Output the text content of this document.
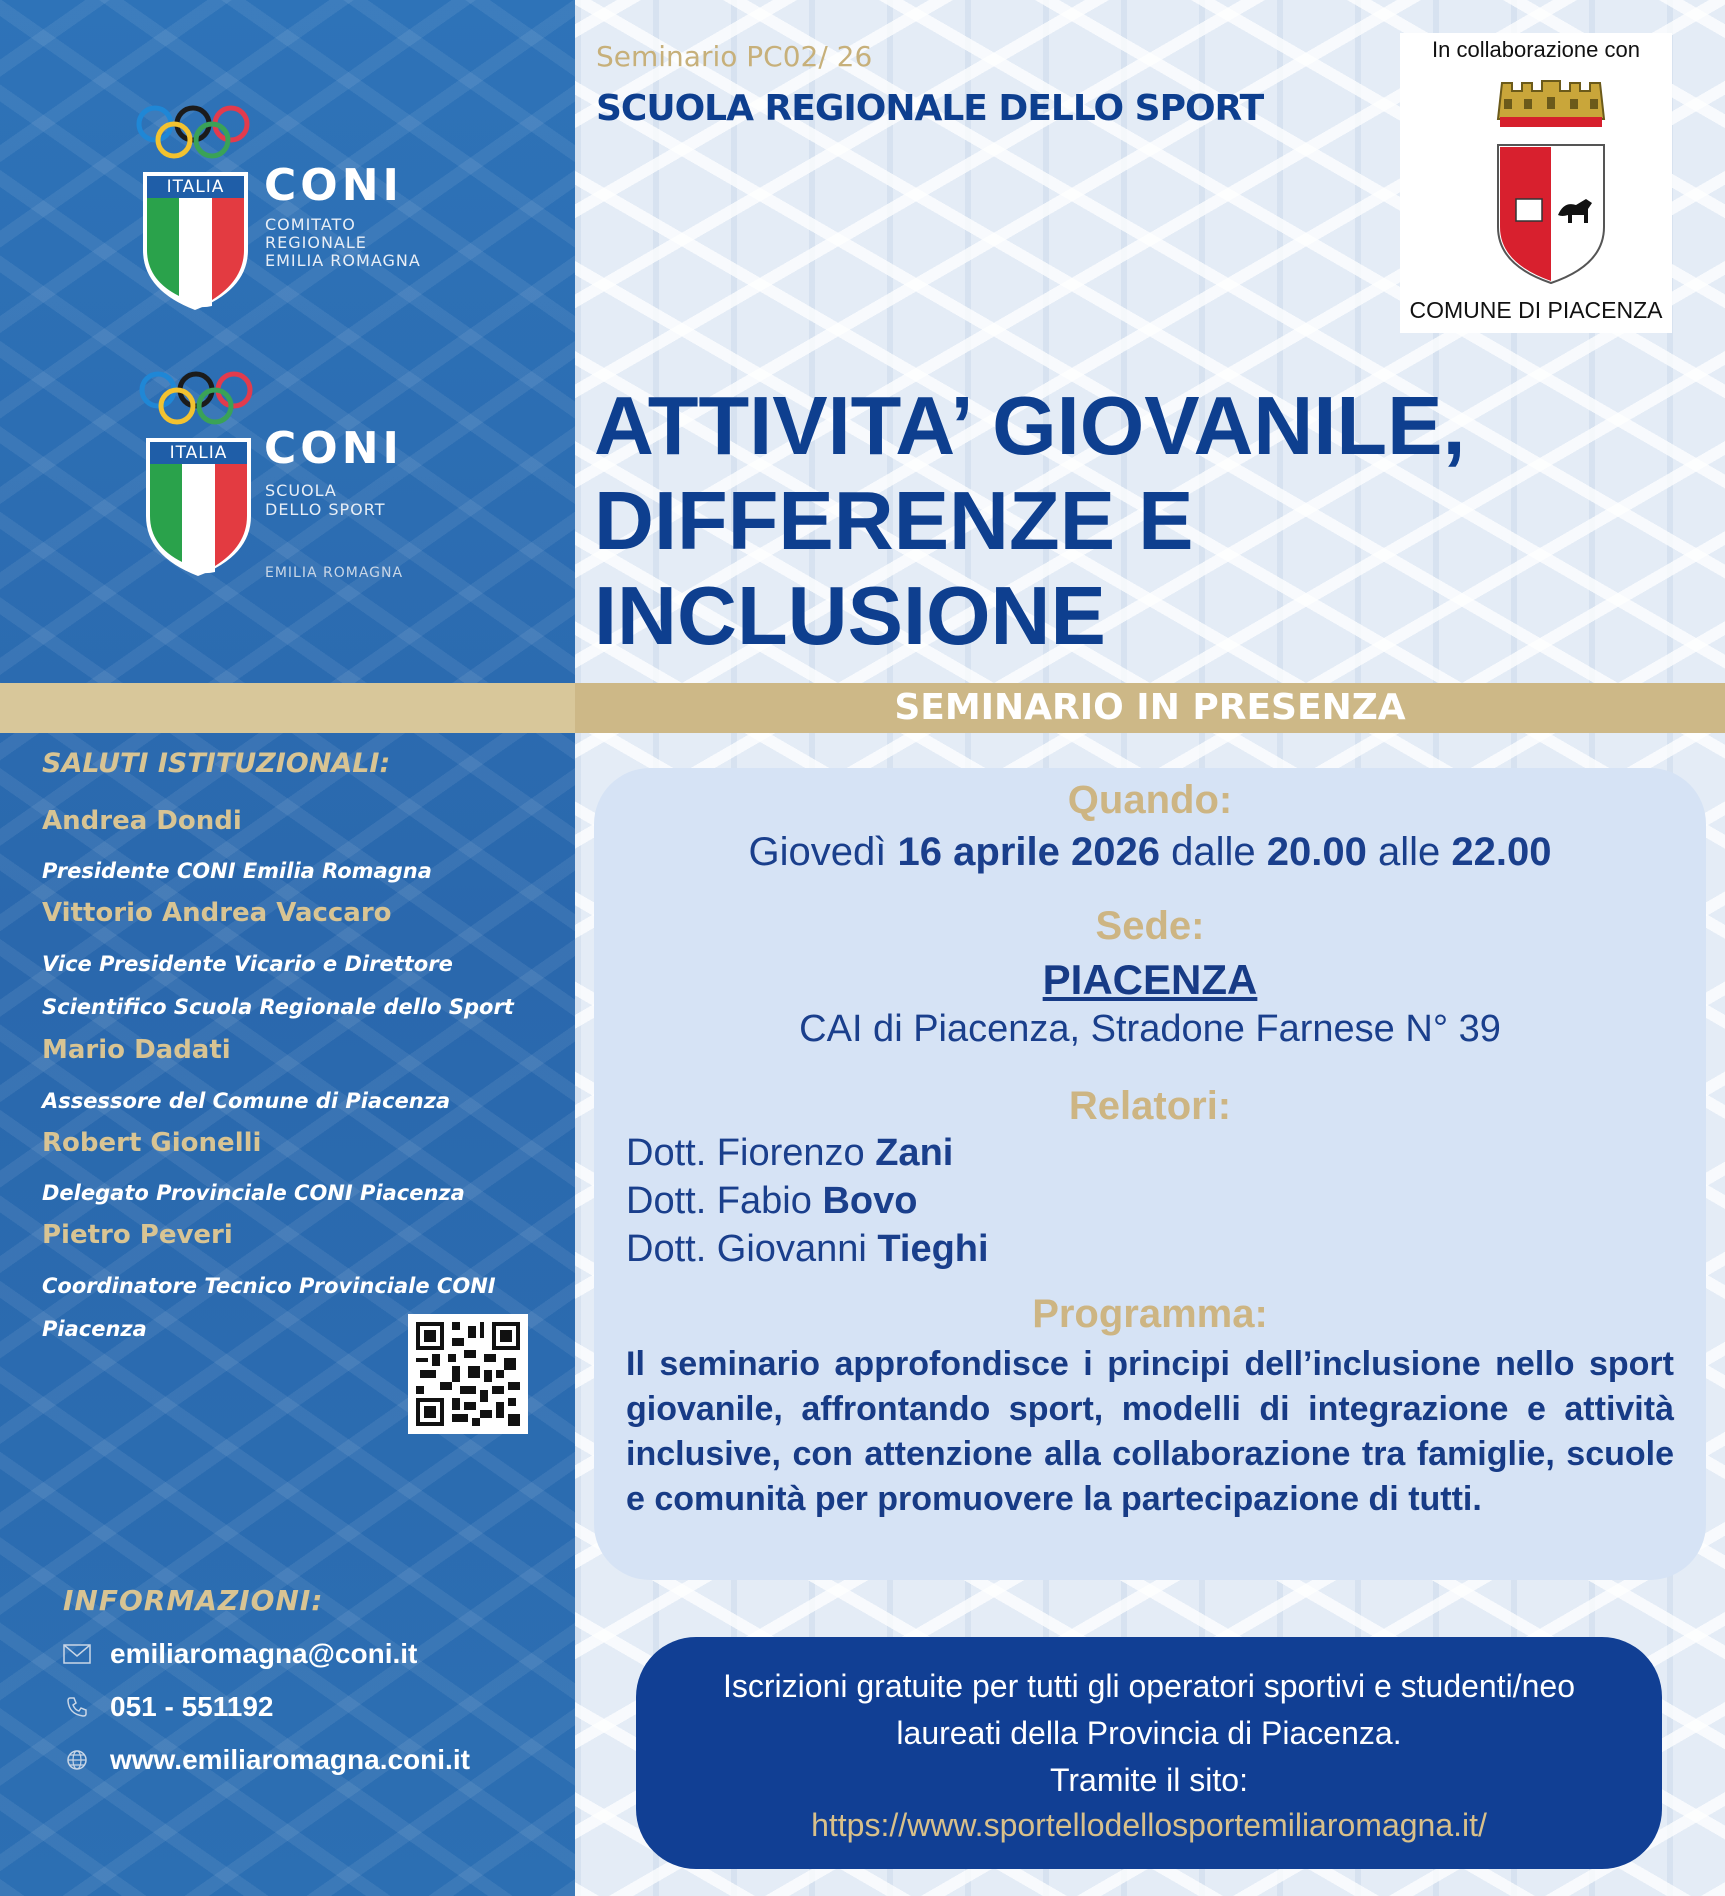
ITALIA CONI
COMITATO
REGIONALE
EMILIA ROMAGNA
ITALIA CONI
SCUOLA
DELLO SPORT
EMILIA ROMAGNA
Seminario PC02/ 26
SCUOLA REGIONALE DELLO SPORT
In collaborazione con
COMUNE DI PIACENZA
ATTIVITA’ GIOVANILE,
DIFFERENZE E
INCLUSIONE
SEMINARIO IN PRESENZA
SALUTI ISTITUZIONALI:
Andrea Dondi
Presidente CONI Emilia Romagna
Vittorio Andrea Vaccaro
Vice Presidente Vicario e Direttore Scientifico Scuola Regionale dello Sport
Mario Dadati
Assessore del Comune di Piacenza
Robert Gionelli
Delegato Provinciale CONI Piacenza
Pietro Peveri
Coordinatore Tecnico Provinciale CONI Piacenza
INFORMAZIONI:
emiliaromagna@coni.it
051 - 551192
www.emiliaromagna.coni.it
Quando:
Giovedì 16 aprile 2026 dalle 20.00 alle 22.00
Sede:
PIACENZA
CAI di Piacenza, Stradone Farnese N° 39
Relatori:
Dott. Fiorenzo Zani
Dott. Fabio Bovo
Dott. Giovanni Tieghi
Programma:
Il seminario approfondisce i principi dell’inclusione nello sport giovanile, affrontando sport, modelli di integrazione e attività inclusive, con attenzione alla collaborazione tra famiglie, scuole e comunità per promuovere la partecipazione di tutti.
Iscrizioni gratuite per tutti gli operatori sportivi e studenti/neo
laureati della Provincia di Piacenza.
Tramite il sito:
https://www.sportellodellosportemiliaromagna.it/
